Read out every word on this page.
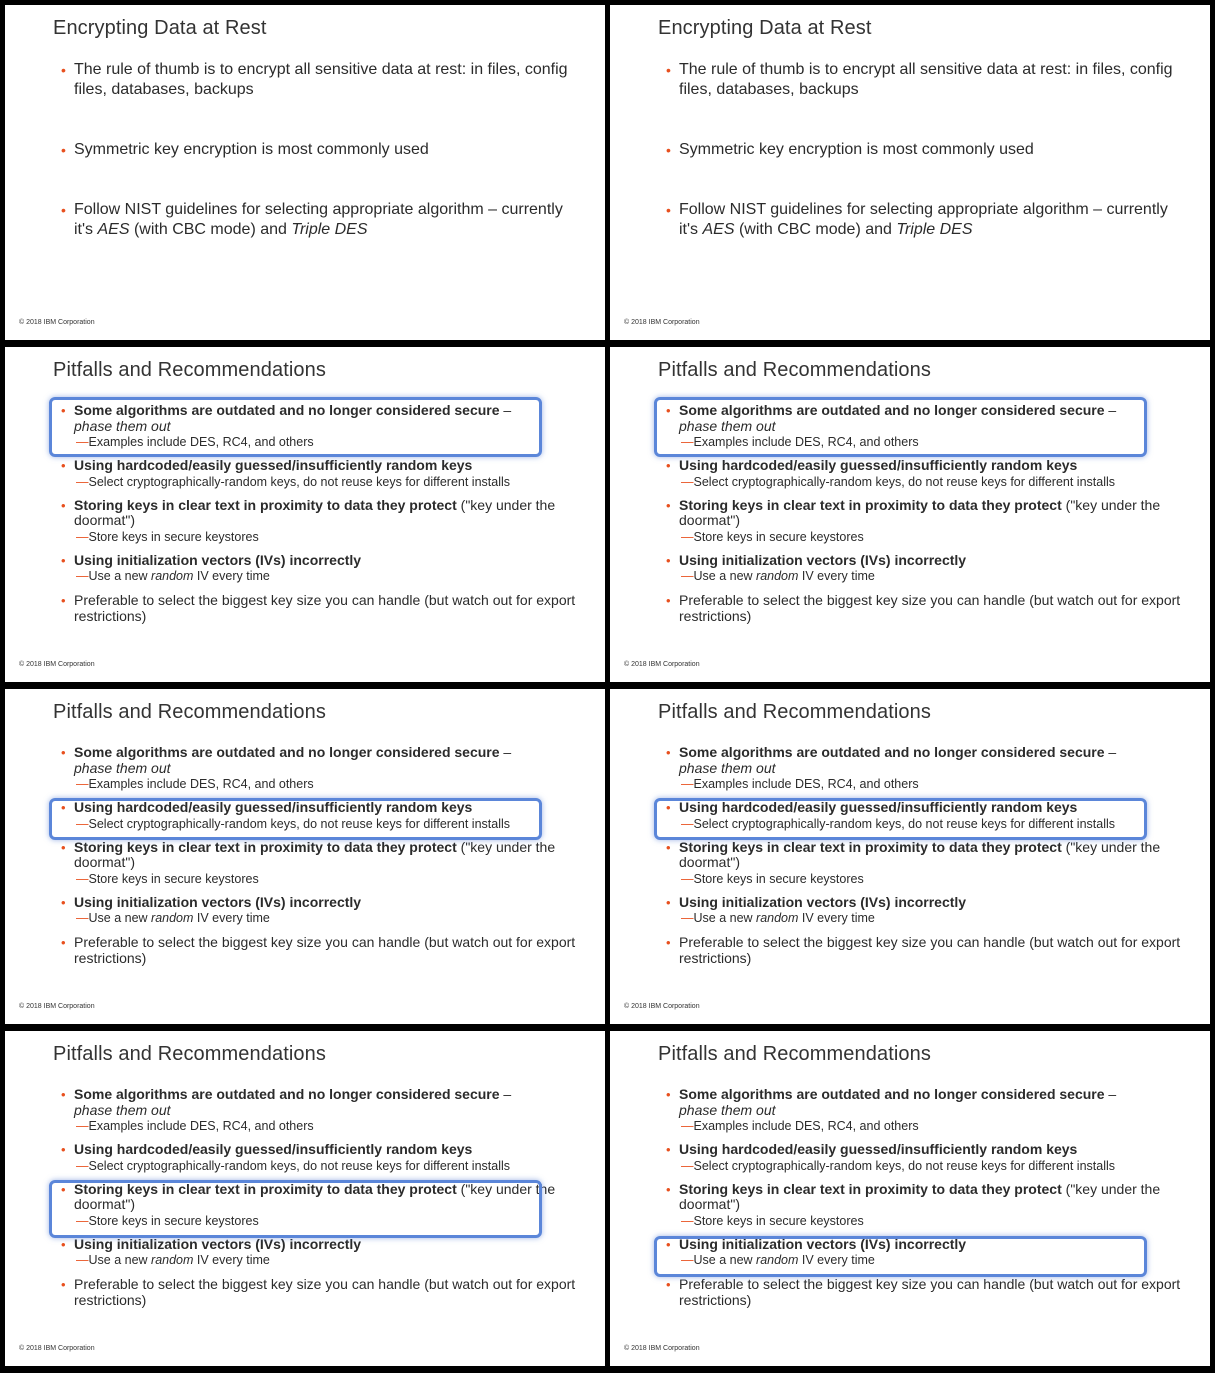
Encrypting Data at Rest
• The rule of thumb is to encrypt all sensitive data at rest: in files, config files, databases, backups
• Symmetric key encryption is most commonly used
• Follow NIST guidelines for selecting appropriate algorithm – currently it's AES (with CBC mode) and Triple DES
© 2018 IBM Corporation
Encrypting Data at Rest
• The rule of thumb is to encrypt all sensitive data at rest: in files, config files, databases, backups
• Symmetric key encryption is most commonly used
• Follow NIST guidelines for selecting appropriate algorithm – currently it's AES (with CBC mode) and Triple DES
© 2018 IBM Corporation
Pitfalls and Recommendations
• Some algorithms are outdated and no longer considered secure –
phase them out
—Examples include DES, RC4, and others
• Using hardcoded/easily guessed/insufficiently random keys
—Select cryptographically-random keys, do not reuse keys for different installs
• Storing keys in clear text in proximity to data they protect ("key under the doormat")
—Store keys in secure keystores
• Using initialization vectors (IVs) incorrectly
—Use a new random IV every time
• Preferable to select the biggest key size you can handle (but watch out for export restrictions)
© 2018 IBM Corporation
Pitfalls and Recommendations
• Some algorithms are outdated and no longer considered secure –
phase them out
—Examples include DES, RC4, and others
• Using hardcoded/easily guessed/insufficiently random keys
—Select cryptographically-random keys, do not reuse keys for different installs
• Storing keys in clear text in proximity to data they protect ("key under the doormat")
—Store keys in secure keystores
• Using initialization vectors (IVs) incorrectly
—Use a new random IV every time
• Preferable to select the biggest key size you can handle (but watch out for export restrictions)
© 2018 IBM Corporation
Pitfalls and Recommendations
• Some algorithms are outdated and no longer considered secure –
phase them out
—Examples include DES, RC4, and others
• Using hardcoded/easily guessed/insufficiently random keys
—Select cryptographically-random keys, do not reuse keys for different installs
• Storing keys in clear text in proximity to data they protect ("key under the doormat")
—Store keys in secure keystores
• Using initialization vectors (IVs) incorrectly
—Use a new random IV every time
• Preferable to select the biggest key size you can handle (but watch out for export restrictions)
© 2018 IBM Corporation
Pitfalls and Recommendations
• Some algorithms are outdated and no longer considered secure –
phase them out
—Examples include DES, RC4, and others
• Using hardcoded/easily guessed/insufficiently random keys
—Select cryptographically-random keys, do not reuse keys for different installs
• Storing keys in clear text in proximity to data they protect ("key under the doormat")
—Store keys in secure keystores
• Using initialization vectors (IVs) incorrectly
—Use a new random IV every time
• Preferable to select the biggest key size you can handle (but watch out for export restrictions)
© 2018 IBM Corporation
Pitfalls and Recommendations
• Some algorithms are outdated and no longer considered secure –
phase them out
—Examples include DES, RC4, and others
• Using hardcoded/easily guessed/insufficiently random keys
—Select cryptographically-random keys, do not reuse keys for different installs
• Storing keys in clear text in proximity to data they protect ("key under the doormat")
—Store keys in secure keystores
• Using initialization vectors (IVs) incorrectly
—Use a new random IV every time
• Preferable to select the biggest key size you can handle (but watch out for export restrictions)
© 2018 IBM Corporation
Pitfalls and Recommendations
• Some algorithms are outdated and no longer considered secure –
phase them out
—Examples include DES, RC4, and others
• Using hardcoded/easily guessed/insufficiently random keys
—Select cryptographically-random keys, do not reuse keys for different installs
• Storing keys in clear text in proximity to data they protect ("key under the doormat")
—Store keys in secure keystores
• Using initialization vectors (IVs) incorrectly
—Use a new random IV every time
• Preferable to select the biggest key size you can handle (but watch out for export restrictions)
© 2018 IBM Corporation
